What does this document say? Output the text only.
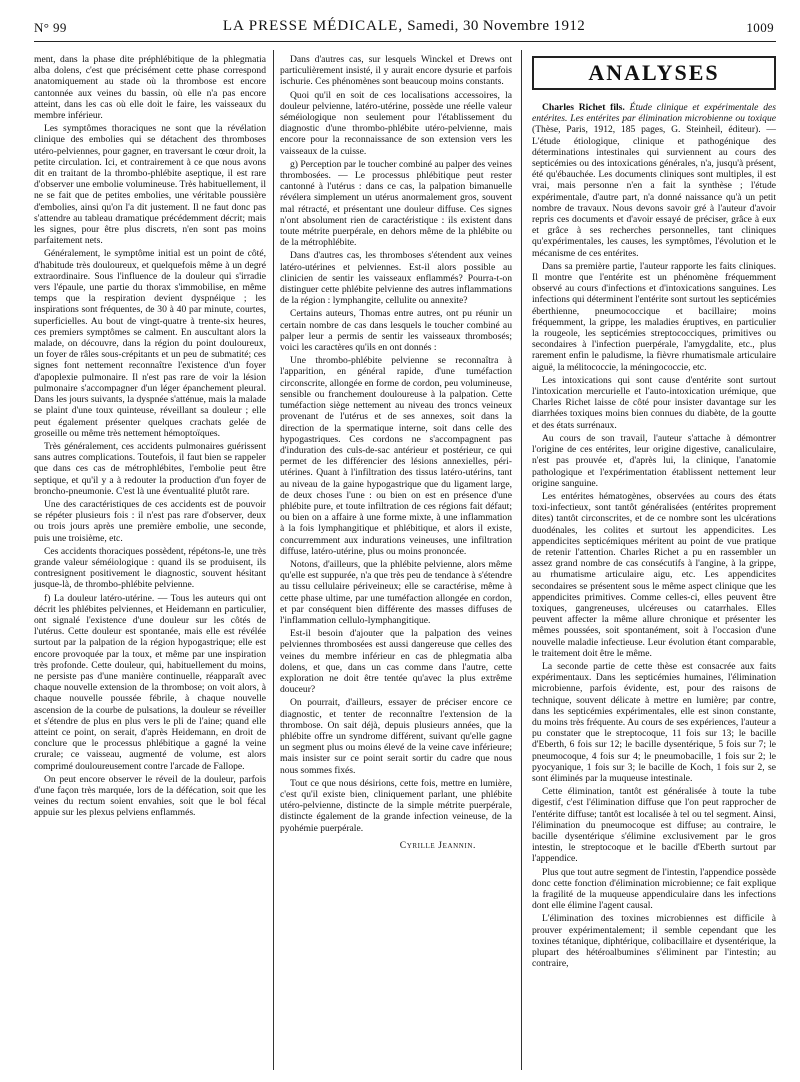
N° 99	LA PRESSE MÉDICALE, Samedi, 30 Novembre 1912	1009

ment, dans la phase dite préphlébitique de la phlegmatia alba dolens, c'est que précisément cette phase correspond anatomiquement au stade où la thrombose est encore cantonnée aux veines du bassin, où elle n'a pas encore atteint, dans les cas où elle doit le faire, les vaisseaux du membre inférieur.

Les symptômes thoraciques ne sont que la révélation clinique des embolies qui se détachent des thromboses utéro-pelviennes, pour gagner, en traversant le cœur droit, la petite circulation. Ici, et contrairement à ce que nous avons dit en traitant de la thrombo-phlébite aseptique, il est rare d'observer une embolie volumineuse. Très habituellement, il ne se fait que de petites embolies, une véritable poussière d'embolies, ainsi qu'on l'a dit justement. Il ne faut donc pas s'attendre au tableau dramatique précédemment décrit; mais les signes, pour être plus discrets, n'en sont pas moins parfaitement nets.

Généralement, le symptôme initial est un point de côté, d'habitude très douloureux, et quelquefois même à un degré extraordinaire. Sous l'influence de la douleur qui s'irradie vers l'épaule, une partie du thorax s'immobilise, en même temps que la respiration devient dyspnéique ; les inspirations sont fréquentes, de 30 à 40 par minute, courtes, superficielles. Au bout de vingt-quatre à trente-six heures, ces premiers symptômes se calment. En auscultant alors la malade, on découvre, dans la région du point douloureux, un foyer de râles sous-crépitants et un peu de submatité; ces signes font nettement reconnaître l'existence d'un foyer d'apoplexie pulmonaire. Il n'est pas rare de voir la lésion pulmonaire s'accompagner d'un léger épanchement pleural. Dans les jours suivants, la dyspnée s'atténue, mais la malade se plaint d'une toux quinteuse, réveillant sa douleur ; elle peut également présenter quelques crachats gelée de groseille ou même très nettement hémoptoïques.

Très généralement, ces accidents pulmonaires guérissent sans autres complications. Toutefois, il faut bien se rappeler que dans ces cas de métrophlébites, l'embolie peut être septique, et qu'il y a à redouter la production d'un foyer de broncho-pneumonie. C'est là une éventualité plutôt rare.

Une des caractéristiques de ces accidents est de pouvoir se répéter plusieurs fois : il n'est pas rare d'observer, deux ou trois jours après une première embolie, une seconde, puis une troisième, etc.

Ces accidents thoraciques possèdent, répétons-le, une très grande valeur séméiologique : quand ils se produisent, ils contresignent positivement le diagnostic, souvent hésitant jusque-là, de thrombo-phlébite pelvienne.

f) La douleur latéro-utérine. — Tous les auteurs qui ont décrit les phlébites pelviennes, et Heidemann en particulier, ont signalé l'existence d'une douleur sur les côtés de l'utérus. Cette douleur est spontanée, mais elle est révélée surtout par la palpation de la région hypogastrique; elle est encore provoquée par la toux, et même par une inspiration très profonde. Cette douleur, qui, habituellement du moins, ne persiste pas d'une manière continuelle, réapparaît avec chaque nouvelle extension de la thrombose; on voit alors, à chaque nouvelle poussée fébrile, à chaque nouvelle ascension de la courbe de pulsations, la douleur se réveiller et s'étendre de plus en plus vers le pli de l'aine; quand elle atteint ce point, on serait, d'après Heidemann, en droit de conclure que le processus phlébitique a gagné la veine crurale; ce vaisseau, augmenté de volume, est alors comprimé douloureusement contre l'arcade de Fallope.

On peut encore observer le réveil de la douleur, parfois d'une façon très marquée, lors de la défécation, soit que les veines du rectum soient envahies, soit que le bol fécal appuie sur les plexus pelviens enflammés.

Dans d'autres cas, sur lesquels Winckel et Drews ont particulièrement insisté, il y aurait encore dysurie et parfois ischurie. Ces phénomènes sont beaucoup moins constants.

Quoi qu'il en soit de ces localisations accessoires, la douleur pelvienne, latéro-utérine, possède une réelle valeur séméiologique non seulement pour l'établissement du diagnostic d'une thrombo-phlébite utéro-pelvienne, mais encore pour la reconnaissance de son extension vers les vaisseaux de la cuisse.

g) Perception par le toucher combiné au palper des veines thrombosées. — Le processus phlébitique peut rester cantonné à l'utérus : dans ce cas, la palpation bimanuelle révélera simplement un utérus anormalement gros, souvent mal rétracté, et présentant une douleur diffuse. Ces signes n'ont absolument rien de caractéristique : ils existent dans toute métrite puerpérale, en dehors même de la phlébite ou de la métrophlébite.

Dans d'autres cas, les thromboses s'étendent aux veines latéro-utérines et pelviennes. Est-il alors possible au clinicien de sentir les vaisseaux enflammés? Pourra-t-on distinguer cette phlébite pelvienne des autres inflammations de la région : lymphangite, cellulite ou annexite?

Certains auteurs, Thomas entre autres, ont pu réunir un certain nombre de cas dans lesquels le toucher combiné au palper leur a permis de sentir les vaisseaux thrombosés; voici les caractères qu'ils en ont donnés :

Une thrombo-phlébite pelvienne se reconnaîtra à l'apparition, en général rapide, d'une tuméfaction circonscrite, allongée en forme de cordon, peu volumineuse, sensible ou franchement douloureuse à la palpation. Cette tuméfaction siège nettement au niveau des troncs veineux provenant de l'utérus et de ses annexes, soit dans la direction de la spermatique interne, soit dans celle des hypogastriques. Ces cordons ne s'accompagnent pas d'induration des culs-de-sac antérieur et postérieur, ce qui permet de les différencier des lésions annexielles, péri-utérines. Quant à l'infiltration des tissus latéro-utérins, tant au niveau de la gaine hypogastrique que du ligament large, de deux choses l'une : ou bien on est en présence d'une phlébite pure, et toute infiltration de ces régions fait défaut; ou bien on a affaire à une forme mixte, à une inflammation à la fois lymphangitique et phlébitique, et alors il existe, concurremment aux indurations veineuses, une infiltration diffuse, latéro-utérine, plus ou moins prononcée.

Notons, d'ailleurs, que la phlébite pelvienne, alors même qu'elle est suppurée, n'a que très peu de tendance à s'étendre au tissu cellulaire périveineux; elle se caractérise, même à cette phase ultime, par une tuméfaction allongée en cordon, et par conséquent bien différente des masses diffuses de l'inflammation cellulo-lymphangitique.

Est-il besoin d'ajouter que la palpation des veines pelviennes thrombosées est aussi dangereuse que celles des veines du membre inférieur en cas de phlegmatia alba dolens, et que, dans un cas comme dans l'autre, cette exploration ne doit être tentée qu'avec la plus extrême douceur?

On pourrait, d'ailleurs, essayer de préciser encore ce diagnostic, et tenter de reconnaître l'extension de la thrombose. On sait déjà, depuis plusieurs années, que la phlébite offre un syndrome différent, suivant qu'elle gagne un segment plus ou moins élevé de la veine cave inférieure; mais insister sur ce point serait sortir du cadre que nous nous sommes fixés.

Tout ce que nous désirions, cette fois, mettre en lumière, c'est qu'il existe bien, cliniquement parlant, une phlébite utéro-pelvienne, distincte de la simple métrite puerpérale, distincte également de la grande infection veineuse, de la pyohémie puerpérale.

Cyrille Jeannin.

ANALYSES

Charles Richet fils. Étude clinique et expérimentale des entérites. Les entérites par élimination microbienne ou toxique (Thèse, Paris, 1912, 185 pages, G. Steinheil, éditeur). — L'étude étiologique, clinique et pathogénique des déterminations intestinales qui surviennent au cours des septicémies ou des intoxications générales, n'a, jusqu'à présent, été qu'ébauchée. Les documents cliniques sont multiples, il est vrai, mais personne n'en a fait la synthèse ; l'étude expérimentale, d'autre part, n'a donné naissance qu'à un petit nombre de travaux. Nous devons savoir gré à l'auteur d'avoir repris ces documents et d'avoir essayé de préciser, grâce à eux et grâce à ses recherches personnelles, tant cliniques qu'expérimentales, les causes, les symptômes, l'évolution et le mécanisme de ces entérites.

Dans sa première partie, l'auteur rapporte les faits cliniques. Il montre que l'entérite est un phénomène fréquemment observé au cours d'infections et d'intoxications sanguines. Les infections qui déterminent l'entérite sont surtout les septicémies éberthienne, pneumococcique et bacillaire; moins fréquemment, la grippe, les maladies éruptives, en particulier la rougeole, les septicémies streptococciques, primitives ou secondaires à l'infection puerpérale, l'amygdalite, etc., plus rarement enfin le paludisme, la fièvre rhumatismale articulaire aiguë, la mélitococcie, la méningococcie, etc.

Les intoxications qui sont cause d'entérite sont surtout l'intoxication mercurielle et l'auto-intoxication urémique, que Charles Richet laisse de côté pour insister davantage sur les diarrhées toxiques moins bien connues du diabète, de la goutte et des états surrénaux.

Au cours de son travail, l'auteur s'attache à démontrer l'origine de ces entérites, leur origine digestive, canaliculaire, n'est pas prouvée et, d'après lui, la clinique, l'anatomie pathologique et l'expérimentation établissent nettement leur origine sanguine.

Les entérites hématogènes, observées au cours des états toxi-infectieux, sont tantôt généralisées (entérites proprement dites) tantôt circonscrites, et de ce nombre sont les ulcérations duodénales, les colites et surtout les appendicites. Les appendicites septicémiques méritent au point de vue pratique de retenir l'attention. Charles Richet a pu en rassembler un assez grand nombre de cas consécutifs à l'angine, à la grippe, au rhumatisme articulaire aigu, etc. Les appendicites secondaires se présentent sous le même aspect clinique que les appendicites primitives. Comme celles-ci, elles peuvent être toxiques, gangreneuses, ulcéreuses ou catarrhales. Elles peuvent affecter la même allure chronique et présenter les mêmes poussées, soit spontanément, soit à l'occasion d'une nouvelle maladie infectieuse. Leur évolution étant comparable, le traitement doit être le même.

La seconde partie de cette thèse est consacrée aux faits expérimentaux. Dans les septicémies humaines, l'élimination microbienne, parfois évidente, est, pour des raisons de technique, souvent délicate à mettre en lumière; par contre, dans les septicémies expérimentales, elle est sinon constante, du moins très fréquente. Au cours de ses expériences, l'auteur a pu constater que le streptocoque, 11 fois sur 13; le bacille d'Eberth, 6 fois sur 12; le bacille dysentérique, 5 fois sur 7; le pneumocoque, 4 fois sur 4; le pneumobacille, 1 fois sur 2; le pyocyanique, 1 fois sur 3; le bacille de Koch, 1 fois sur 2, se sont éliminés par la muqueuse intestinale.

Cette élimination, tantôt est généralisée à toute la tube digestif, c'est l'élimination diffuse que l'on peut rapprocher de l'entérite diffuse; tantôt est localisée à tel ou tel segment. Ainsi, l'élimination du pneumocoque est diffuse; au contraire, le bacille dysentérique s'élimine exclusivement par le gros intestin, le streptocoque et le bacille d'Eberth surtout par l'appendice.

Plus que tout autre segment de l'intestin, l'appendice possède donc cette fonction d'élimination microbienne; ce fait explique la fragilité de la muqueuse appendiculaire dans les infections dont elle élimine l'agent causal.

L'élimination des toxines microbiennes est difficile à prouver expérimentalement; il semble cependant que les toxines tétanique, diphtérique, colibacillaire et dysentérique, la plupart des hétéroalbumines s'éliminent par l'intestin; au contraire,
